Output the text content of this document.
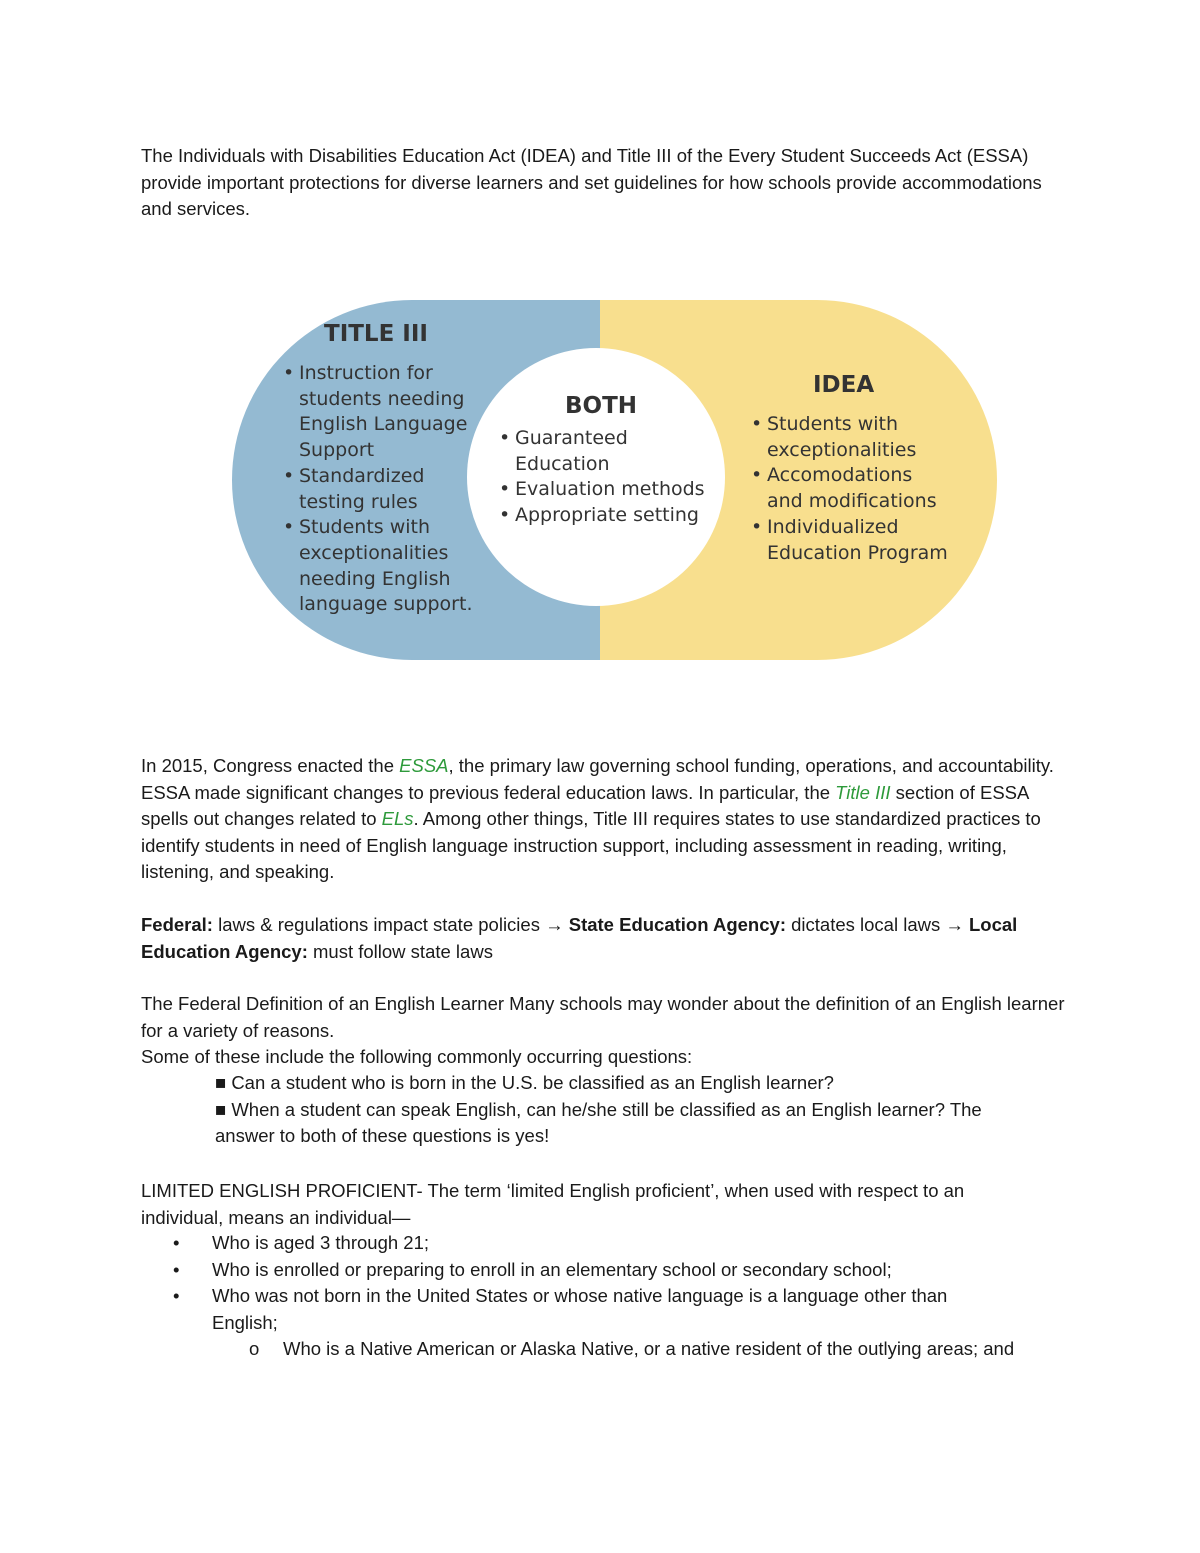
The Individuals with Disabilities Education Act (IDEA) and Title III of the Every Student Succeeds Act (ESSA) provide important protections for diverse learners and set guidelines for how schools provide accommodations and services.
TITLE III
• Instruction for students needing English Language Support
• Standardized testing rules
• Students with exceptionalities needing English language support.
BOTH
• Guaranteed Education
• Evaluation methods
• Appropriate setting
IDEA
• Students with exceptionalities
• Accomodations and modifications
• Individualized Education Program
In 2015, Congress enacted the ESSA, the primary law governing school funding, operations, and accountability. ESSA made significant changes to previous federal education laws. In particular, the Title III section of ESSA spells out changes related to ELs. Among other things, Title III requires states to use standardized practices to identify students in need of English language instruction support, including assessment in reading, writing, listening, and speaking.
Federal: laws & regulations impact state policies → State Education Agency: dictates local laws → Local Education Agency: must follow state laws
The Federal Definition of an English Learner Many schools may wonder about the definition of an English learner for a variety of reasons.
Some of these include the following commonly occurring questions:
■ Can a student who is born in the U.S. be classified as an English learner?
■ When a student can speak English, can he/she still be classified as an English learner? The answer to both of these questions is yes!
LIMITED ENGLISH PROFICIENT- The term ‘limited English proficient’, when used with respect to an individual, means an individual—
• Who is aged 3 through 21;
• Who is enrolled or preparing to enroll in an elementary school or secondary school;
• Who was not born in the United States or whose native language is a language other than English;
o Who is a Native American or Alaska Native, or a native resident of the outlying areas; and
